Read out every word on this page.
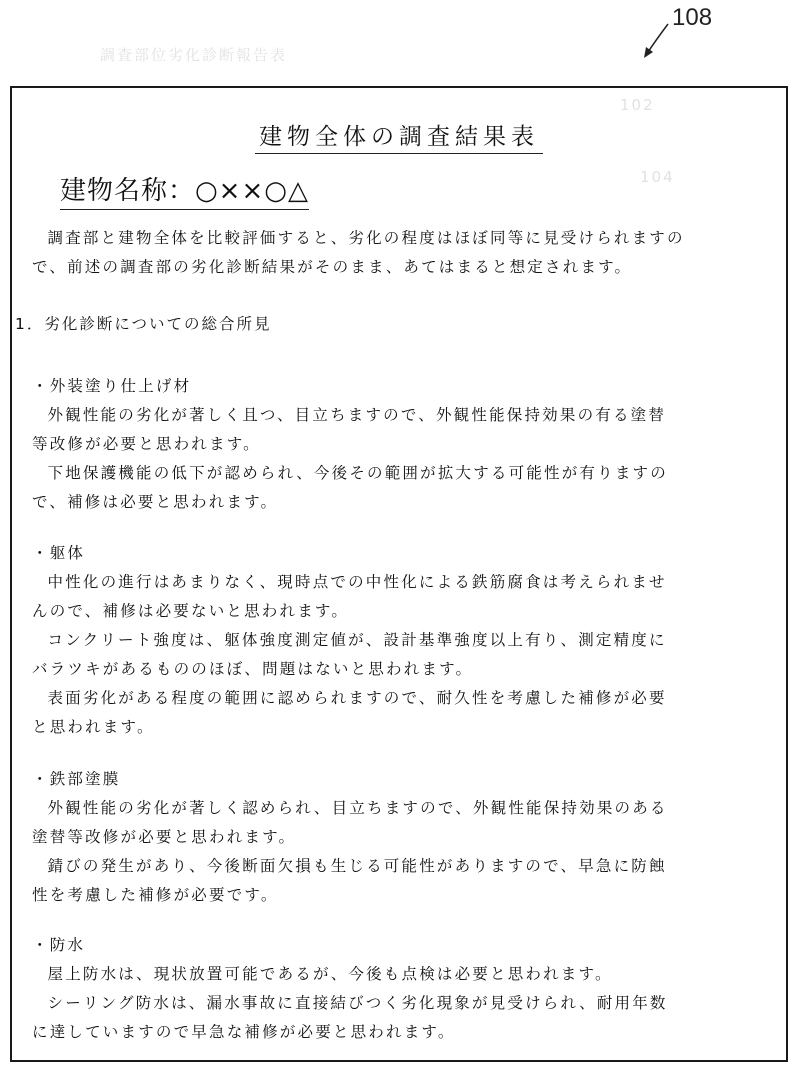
調査部位劣化診断報告表
102
104
108
建物全体の調査結果表
建物名称：○××○△

調査部と建物全体を比較評価すると、劣化の程度はほぼ同等に見受けられますの

で、前述の調査部の劣化診断結果がそのまま、あてはまると想定されます。

1．劣化診断についての総合所見

・外装塗り仕上げ材

外観性能の劣化が著しく且つ、目立ちますので、外観性能保持効果の有る塗替

等改修が必要と思われます。

下地保護機能の低下が認められ、今後その範囲が拡大する可能性が有りますの

で、補修は必要と思われます。

・躯体

中性化の進行はあまりなく、現時点での中性化による鉄筋腐食は考えられませ

んので、補修は必要ないと思われます。

コンクリート強度は、躯体強度測定値が、設計基準強度以上有り、測定精度に

バラツキがあるもののほぼ、問題はないと思われます。

表面劣化がある程度の範囲に認められますので、耐久性を考慮した補修が必要

と思われます。

・鉄部塗膜

外観性能の劣化が著しく認められ、目立ちますので、外観性能保持効果のある

塗替等改修が必要と思われます。

錆びの発生があり、今後断面欠損も生じる可能性がありますので、早急に防蝕

性を考慮した補修が必要です。

・防水

屋上防水は、現状放置可能であるが、今後も点検は必要と思われます。

シーリング防水は、漏水事故に直接結びつく劣化現象が見受けられ、耐用年数

に達していますので早急な補修が必要と思われます。
